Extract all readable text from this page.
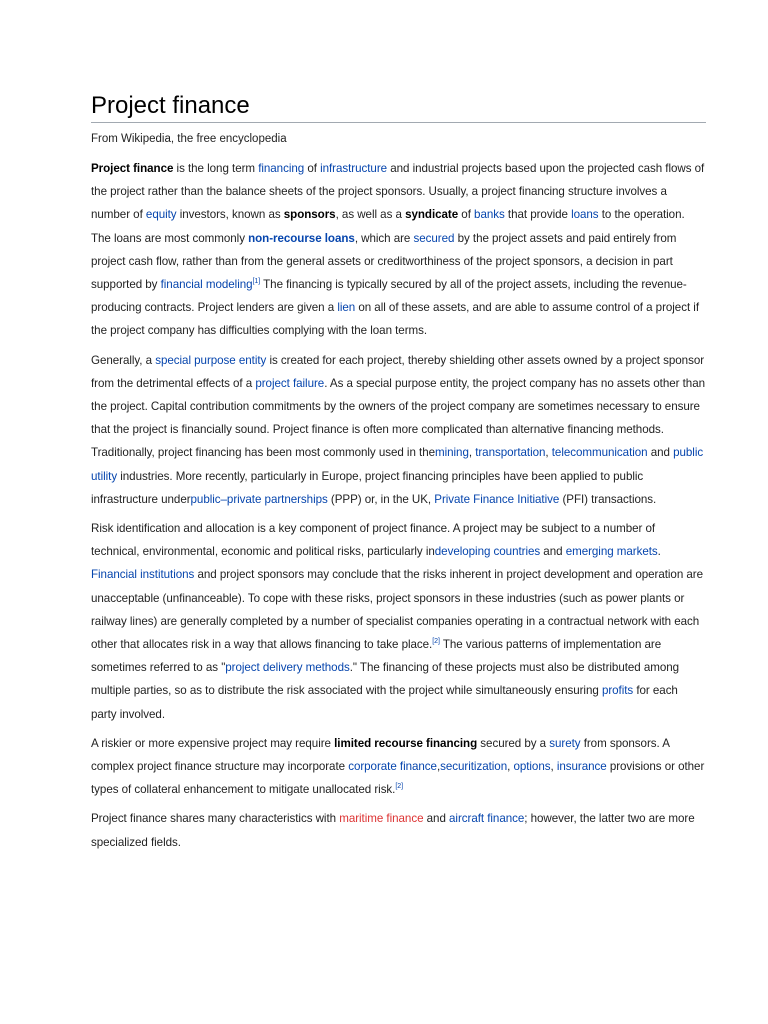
Project finance
From Wikipedia, the free encyclopedia

Project finance is the long term financing of infrastructure and industrial projects based upon the projected cash flows of the project rather than the balance sheets of the project sponsors. Usually, a project financing structure involves a number of equity investors, known as sponsors, as well as a syndicate of banks that provide loans to the operation. The loans are most commonly non-recourse loans, which are secured by the project assets and paid entirely from project cash flow, rather than from the general assets or creditworthiness of the project sponsors, a decision in part supported by financial modeling[1] The financing is typically secured by all of the project assets, including the revenue-producing contracts. Project lenders are given a lien on all of these assets, and are able to assume control of a project if the project company has difficulties complying with the loan terms.

Generally, a special purpose entity is created for each project, thereby shielding other assets owned by a project sponsor from the detrimental effects of a project failure. As a special purpose entity, the project company has no assets other than the project. Capital contribution commitments by the owners of the project company are sometimes necessary to ensure that the project is financially sound. Project finance is often more complicated than alternative financing methods. Traditionally, project financing has been most commonly used in themining, transportation, telecommunication and public utility industries. More recently, particularly in Europe, project financing principles have been applied to public infrastructure underpublic–private partnerships (PPP) or, in the UK, Private Finance Initiative (PFI) transactions.

Risk identification and allocation is a key component of project finance. A project may be subject to a number of technical, environmental, economic and political risks, particularly indeveloping countries and emerging markets. Financial institutions and project sponsors may conclude that the risks inherent in project development and operation are unacceptable (unfinanceable). To cope with these risks, project sponsors in these industries (such as power plants or railway lines) are generally completed by a number of specialist companies operating in a contractual network with each other that allocates risk in a way that allows financing to take place.[2] The various patterns of implementation are sometimes referred to as "project delivery methods." The financing of these projects must also be distributed among multiple parties, so as to distribute the risk associated with the project while simultaneously ensuring profits for each party involved.

A riskier or more expensive project may require limited recourse financing secured by a surety from sponsors. A complex project finance structure may incorporate corporate finance,securitization, options, insurance provisions or other types of collateral enhancement to mitigate unallocated risk.[2]

Project finance shares many characteristics with maritime finance and aircraft finance; however, the latter two are more specialized fields.
